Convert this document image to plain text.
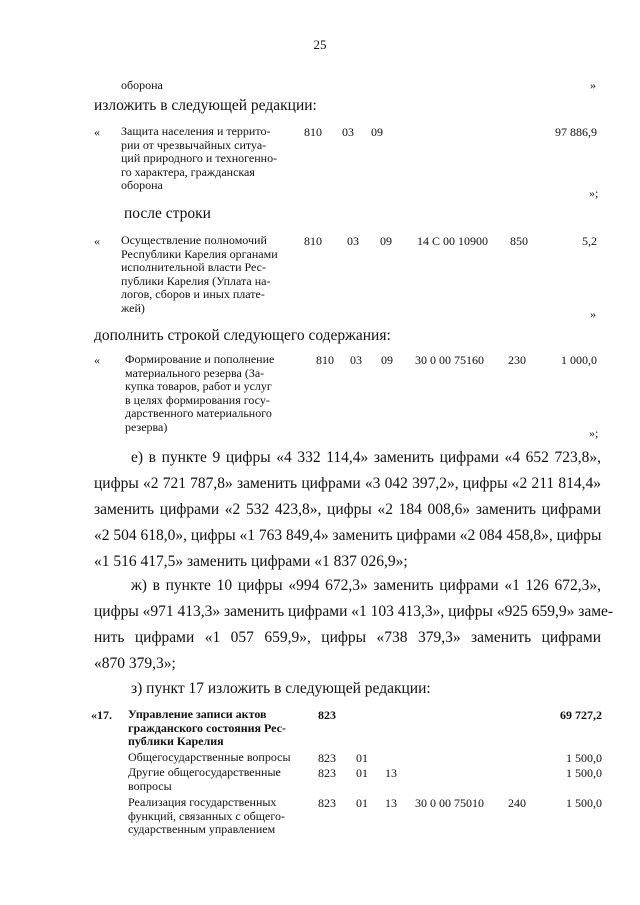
25
оборона	»
изложить в следующей редакции:
« Защита населения и террито-
рии от чрезвычайных ситуа-
ций природного и техногенно-
го характера, гражданская
оборона
810 03 09	97 886,9
»;
после строки
« Осуществление полномочий
Республики Карелия органами
исполнительной власти Рес-
публики Карелия (Уплата на-
логов, сборов и иных плате-
жей)
810 03 09 14 С 00 10900 850	5,2
»
дополнить строкой следующего содержания:
« Формирование и пополнение
материального резерва (За-
купка товаров, работ и услуг
в целях формирования госу-
дарственного материального
резерва)
810 03 09 30 0 00 75160 230	1 000,0
»;
е) в пункте 9 цифры «4 332 114,4» заменить цифрами «4 652 723,8»,
цифры «2 721 787,8» заменить цифрами «3 042 397,2», цифры «2 211 814,4»
заменить цифрами «2 532 423,8», цифры «2 184 008,6» заменить цифрами
«2 504 618,0», цифры «1 763 849,4» заменить цифрами «2 084 458,8», цифры
«1 516 417,5» заменить цифрами «1 837 026,9»;
ж) в пункте 10 цифры «994 672,3» заменить цифрами «1 126 672,3»,
цифры «971 413,3» заменить цифрами «1 103 413,3», цифры «925 659,9» заме-
нить цифрами «1 057 659,9», цифры «738 379,3» заменить цифрами
«870 379,3»;
з) пункт 17 изложить в следующей редакции:
«17. Управление записи актов
гражданского состояния Рес-
публики Карелия
823	69 727,2
Общегосударственные вопросы	823 01	1 500,0
Другие общегосударственные
вопросы
823 01 13	1 500,0
Реализация государственных
функций, связанных с общего-
сударственным управлением
823 01 13 30 0 00 75010 240	1 500,0
